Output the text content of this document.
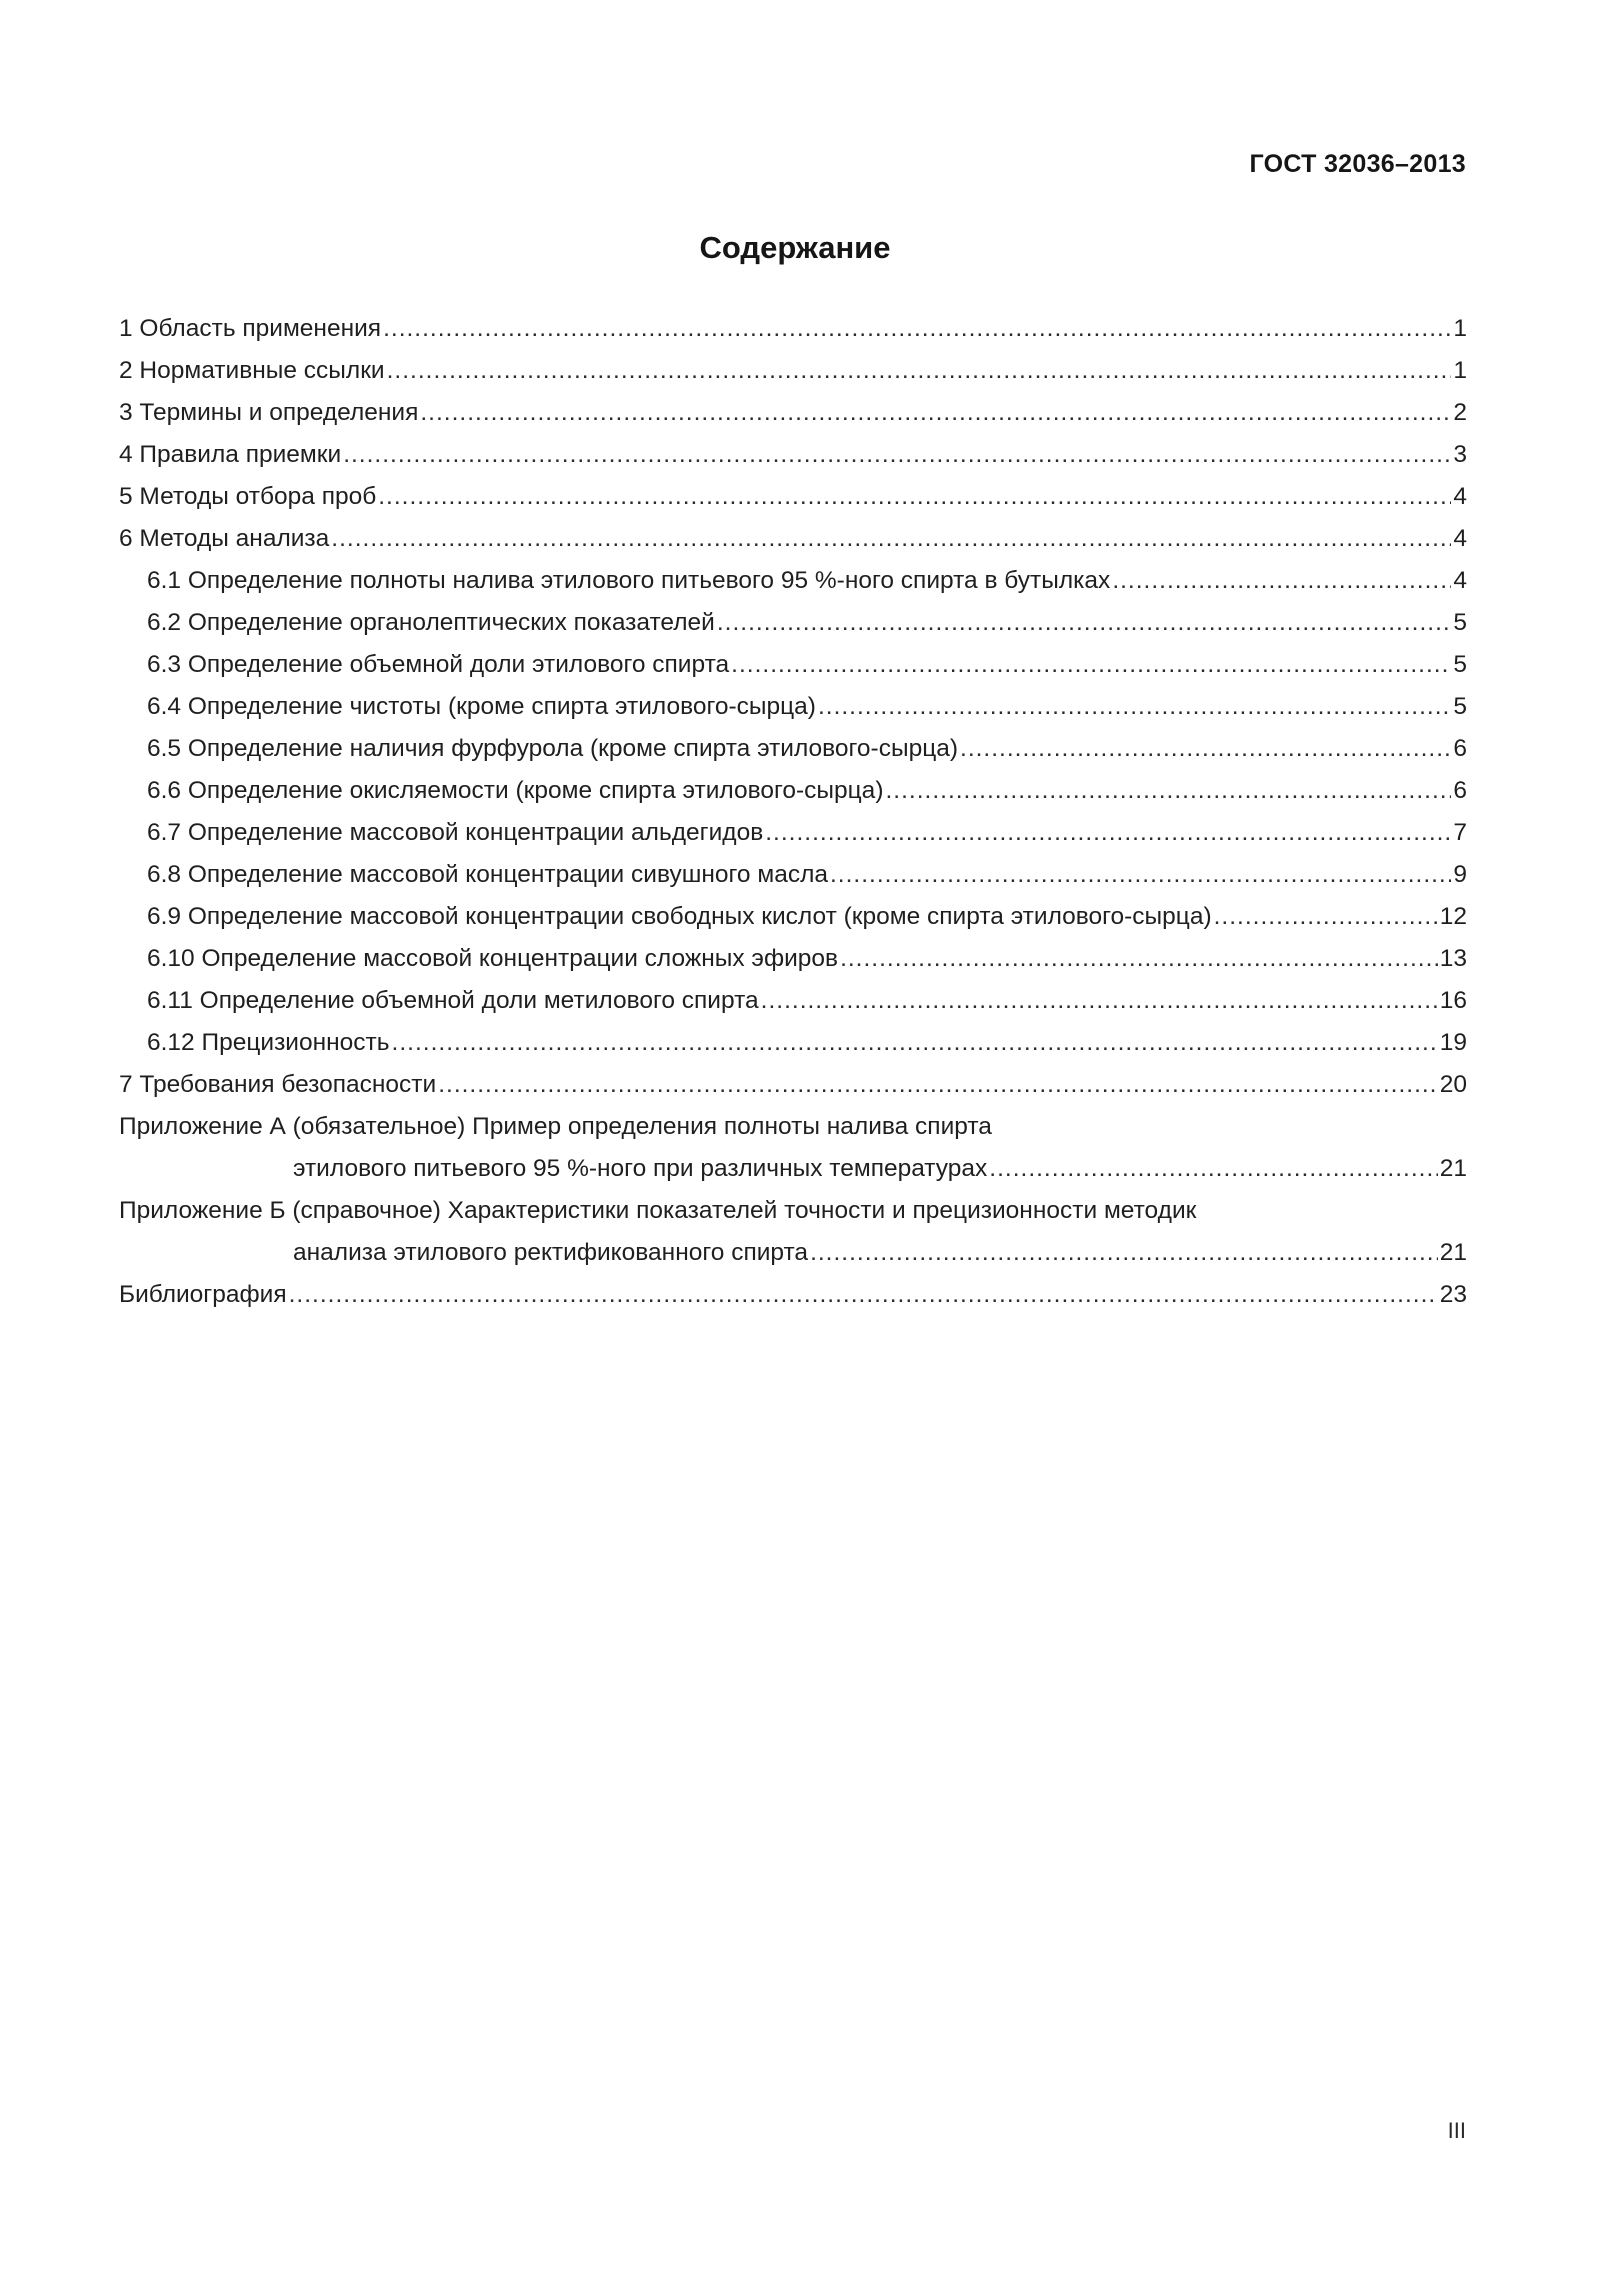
ГОСТ 32036–2013
Содержание
1 Область применения .....	1
2 Нормативные ссылки .....	1
3 Термины и определения .....	2
4 Правила приемки .....	3
5 Методы отбора проб .....	4
6 Методы анализа .....	4
6.1 Определение полноты налива этилового питьевого 95 %-ного спирта в бутылках .....	4
6.2 Определение органолептических показателей .....	5
6.3 Определение объемной доли этилового спирта .....	5
6.4 Определение чистоты (кроме спирта этилового-сырца) .....	5
6.5 Определение наличия фурфурола (кроме спирта этилового-сырца) .....	6
6.6 Определение окисляемости (кроме спирта этилового-сырца) .....	6
6.7 Определение массовой концентрации альдегидов .....	7
6.8 Определение массовой концентрации сивушного масла .....	9
6.9 Определение массовой концентрации свободных кислот (кроме спирта этилового-сырца) .....	12
6.10 Определение массовой концентрации сложных эфиров .....	13
6.11 Определение объемной доли метилового спирта .....	16
6.12 Прецизионность .....	19
7 Требования безопасности .....	20
Приложение А (обязательное) Пример определения полноты налива спирта
этилового питьевого 95 %-ного при различных температурах .....	21
Приложение Б (справочное) Характеристики показателей точности и прецизионности методик
анализа этилового ректификованного спирта .....	21
Библиография .....	23
III
